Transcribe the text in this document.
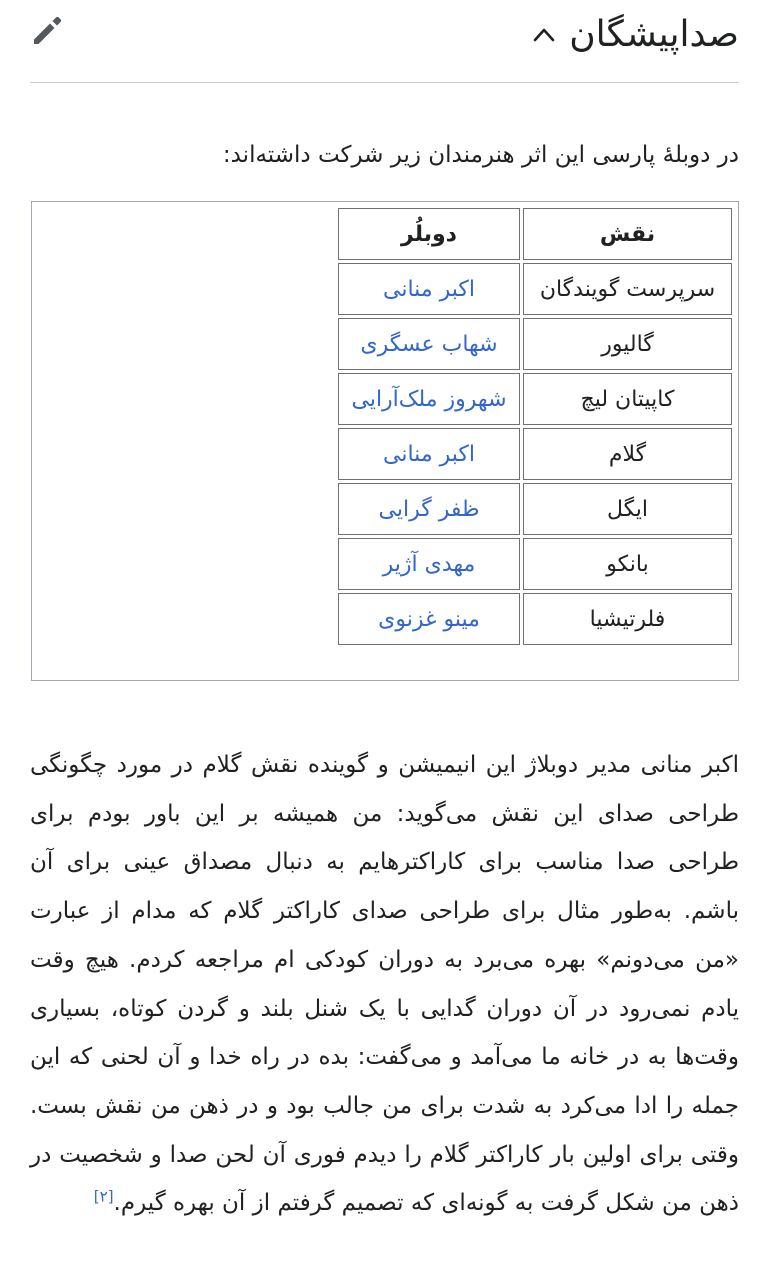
صداپیشگان

در دوبلهٔ پارسی این اثر هنرمندان زیر شرکت داشته‌اند:

نقش	دوبلُر
سرپرست گویندگان	اکبر منانی
گالیور	شهاب عسگری
کاپیتان لیچ	شهروز ملک‌آرایی
گلام	اکبر منانی
ایگل	ظفر گرایی
بانکو	مهدی آژیر
فلرتیشیا	مینو غزنوی

اکبر منانی مدیر دوبلاژ این انیمیشن و گوینده نقش گلام در مورد چگونگی طراحی صدای این نقش می‌گوید: من همیشه بر این باور بودم برای طراحی صدا مناسب برای کاراکترهایم به دنبال مصداق عینی برای آن باشم. به‌طور مثال برای طراحی صدای کاراکتر گلام که مدام از عبارت «من می‌دونم» بهره می‌برد به دوران کودکی ام مراجعه کردم. هیچ وقت یادم نمی‌رود در آن دوران گدایی با یک شنل بلند و گردن کوتاه، بسیاری وقت‌ها به در خانه ما می‌آمد و می‌گفت: بده در راه خدا و آن لحنی که این جمله را ادا می‌کرد به شدت برای من جالب بود و در ذهن من نقش بست. وقتی برای اولین بار کاراکتر گلام را دیدم فوری آن لحن صدا و شخصیت در ذهن من شکل گرفت به گونه‌ای که تصمیم گرفتم از آن بهره گیرم.[۲]
